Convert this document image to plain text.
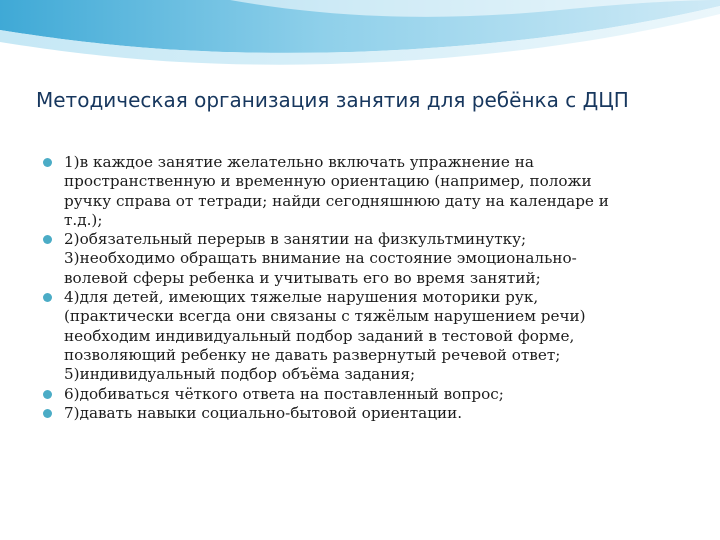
Методическая организация занятия для ребёнка с ДЦП
1)в каждое занятие желательно включать упражнение на
пространственную и временную ориентацию (например, положи
ручку справа от тетради; найди сегодняшнюю дату на календаре и
т.д.);
2)обязательный перерыв в занятии на физкультминутку;
3)необходимо обращать внимание на состояние эмоционально-
волевой сферы ребенка и учитывать его во время занятий;
4)для детей, имеющих тяжелые нарушения моторики рук,
(практически всегда они связаны с тяжёлым нарушением речи)
необходим индивидуальный подбор заданий в тестовой форме,
позволяющий ребенку не давать развернутый речевой ответ;
5)индивидуальный подбор объёма задания;
6)добиваться чёткого ответа на поставленный вопрос;
7)давать навыки социально-бытовой ориентации.
